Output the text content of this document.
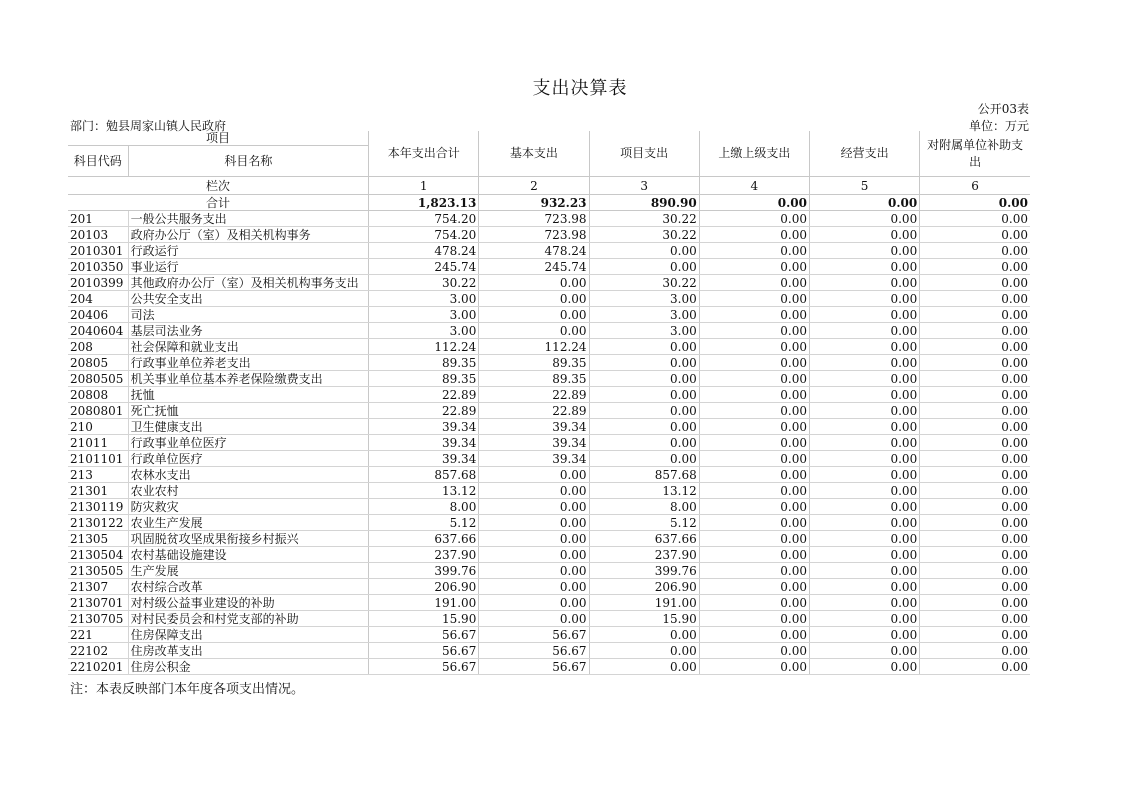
支出决算表
公开03表
部门：勉县周家山镇人民政府	单位：万元
项目		本年支出合计	基本支出	项目支出	上缴上级支出	经营支出	对附属单位补助支出
科目代码	科目名称						
栏次		1	2	3	4	5	6
合计		1,823.13	932.23	890.90	0.00	0.00	0.00
201	一般公共服务支出	754.20	723.98	30.22	0.00	0.00	0.00
20103	政府办公厅（室）及相关机构事务	754.20	723.98	30.22	0.00	0.00	0.00
2010301	行政运行	478.24	478.24	0.00	0.00	0.00	0.00
2010350	事业运行	245.74	245.74	0.00	0.00	0.00	0.00
2010399	其他政府办公厅（室）及相关机构事务支出	30.22	0.00	30.22	0.00	0.00	0.00
204	公共安全支出	3.00	0.00	3.00	0.00	0.00	0.00
20406	司法	3.00	0.00	3.00	0.00	0.00	0.00
2040604	基层司法业务	3.00	0.00	3.00	0.00	0.00	0.00
208	社会保障和就业支出	112.24	112.24	0.00	0.00	0.00	0.00
20805	行政事业单位养老支出	89.35	89.35	0.00	0.00	0.00	0.00
2080505	机关事业单位基本养老保险缴费支出	89.35	89.35	0.00	0.00	0.00	0.00
20808	抚恤	22.89	22.89	0.00	0.00	0.00	0.00
2080801	死亡抚恤	22.89	22.89	0.00	0.00	0.00	0.00
210	卫生健康支出	39.34	39.34	0.00	0.00	0.00	0.00
21011	行政事业单位医疗	39.34	39.34	0.00	0.00	0.00	0.00
2101101	行政单位医疗	39.34	39.34	0.00	0.00	0.00	0.00
213	农林水支出	857.68	0.00	857.68	0.00	0.00	0.00
21301	农业农村	13.12	0.00	13.12	0.00	0.00	0.00
2130119	防灾救灾	8.00	0.00	8.00	0.00	0.00	0.00
2130122	农业生产发展	5.12	0.00	5.12	0.00	0.00	0.00
21305	巩固脱贫攻坚成果衔接乡村振兴	637.66	0.00	637.66	0.00	0.00	0.00
2130504	农村基础设施建设	237.90	0.00	237.90	0.00	0.00	0.00
2130505	生产发展	399.76	0.00	399.76	0.00	0.00	0.00
21307	农村综合改革	206.90	0.00	206.90	0.00	0.00	0.00
2130701	对村级公益事业建设的补助	191.00	0.00	191.00	0.00	0.00	0.00
2130705	对村民委员会和村党支部的补助	15.90	0.00	15.90	0.00	0.00	0.00
221	住房保障支出	56.67	56.67	0.00	0.00	0.00	0.00
22102	住房改革支出	56.67	56.67	0.00	0.00	0.00	0.00
2210201	住房公积金	56.67	56.67	0.00	0.00	0.00	0.00
注：本表反映部门本年度各项支出情况。
